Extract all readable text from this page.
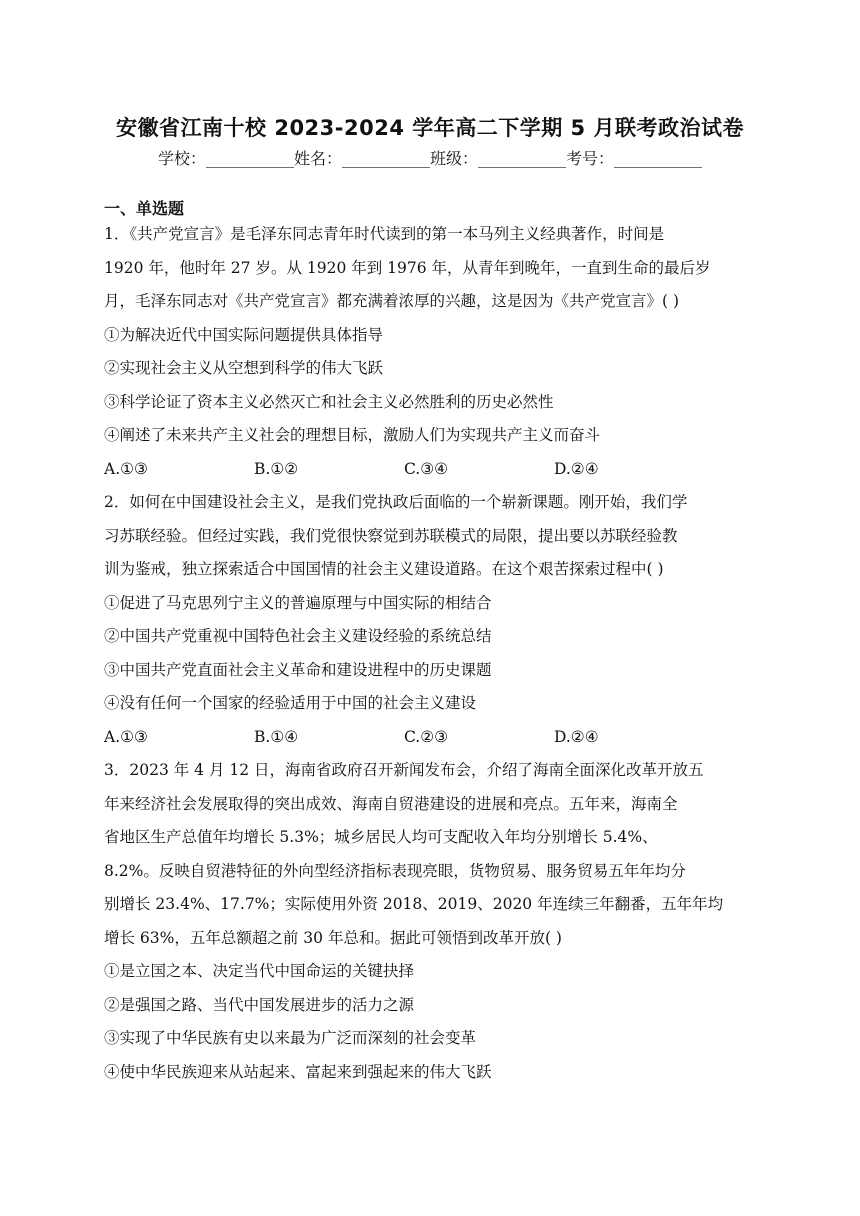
安徽省江南十校 2023-2024 学年高二下学期 5 月联考政治试卷
学校：___________姓名：___________班级：___________考号：___________
一、单选题
1．《共产党宣言》是毛泽东同志青年时代读到的第一本马列主义经典著作，时间是
1920 年，他时年 27 岁。从 1920 年到 1976 年，从青年到晚年，一直到生命的最后岁
月，毛泽东同志对《共产党宣言》都充满着浓厚的兴趣，这是因为《共产党宣言》( )
①为解决近代中国实际问题提供具体指导
②实现社会主义从空想到科学的伟大飞跃
③科学论证了资本主义必然灭亡和社会主义必然胜利的历史必然性
④阐述了未来共产主义社会的理想目标，激励人们为实现共产主义而奋斗
A.①③	B.①②	C.③④	D.②④
2．如何在中国建设社会主义，是我们党执政后面临的一个崭新课题。刚开始，我们学
习苏联经验。但经过实践，我们党很快察觉到苏联模式的局限，提出要以苏联经验教
训为鉴戒，独立探索适合中国国情的社会主义建设道路。在这个艰苦探索过程中( )
①促进了马克思列宁主义的普遍原理与中国实际的相结合
②中国共产党重视中国特色社会主义建设经验的系统总结
③中国共产党直面社会主义革命和建设进程中的历史课题
④没有任何一个国家的经验适用于中国的社会主义建设
A.①③	B.①④	C.②③	D.②④
3．2023 年 4 月 12 日，海南省政府召开新闻发布会，介绍了海南全面深化改革开放五
年来经济社会发展取得的突出成效、海南自贸港建设的进展和亮点。五年来，海南全
省地区生产总值年均增长 5.3%；城乡居民人均可支配收入年均分别增长 5.4%、
8.2%。反映自贸港特征的外向型经济指标表现亮眼，货物贸易、服务贸易五年年均分
别增长 23.4%、17.7%；实际使用外资 2018、2019、2020 年连续三年翻番，五年年均
增长 63%，五年总额超之前 30 年总和。据此可领悟到改革开放( )
①是立国之本、决定当代中国命运的关键抉择
②是强国之路、当代中国发展进步的活力之源
③实现了中华民族有史以来最为广泛而深刻的社会变革
④使中华民族迎来从站起来、富起来到强起来的伟大飞跃
